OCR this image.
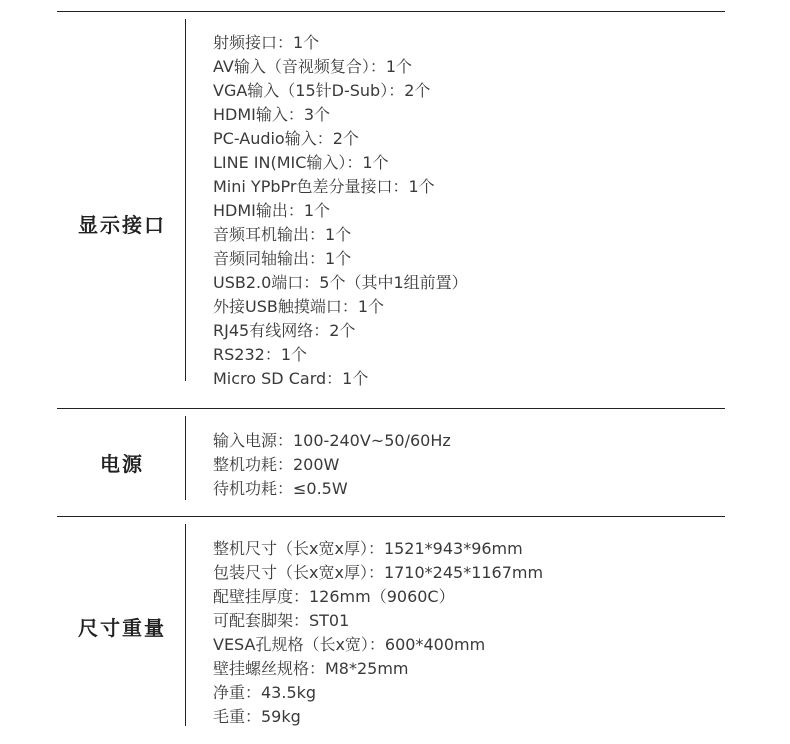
显示接口
射频接口：1个
AV输入（音视频复合）：1个
VGA输入（15针D-Sub）：2个
HDMI输入：3个
PC-Audio输入：2个
LINE IN(MIC输入）：1个
Mini YPbPr色差分量接口：1个
HDMI输出：1个
音频耳机输出：1个
音频同轴输出：1个
USB2.0端口：5个（其中1组前置）
外接USB触摸端口：1个
RJ45有线网络：2个
RS232：1个
Micro SD Card：1个
电源
输入电源：100-240V~50/60Hz
整机功耗：200W
待机功耗：≤0.5W
尺寸重量
整机尺寸（长x宽x厚）：1521*943*96mm
包装尺寸（长x宽x厚）：1710*245*1167mm
配壁挂厚度：126mm（9060C）
可配套脚架：ST01
VESA孔规格（长x宽）：600*400mm
壁挂螺丝规格：M8*25mm
净重：43.5kg
毛重：59kg
